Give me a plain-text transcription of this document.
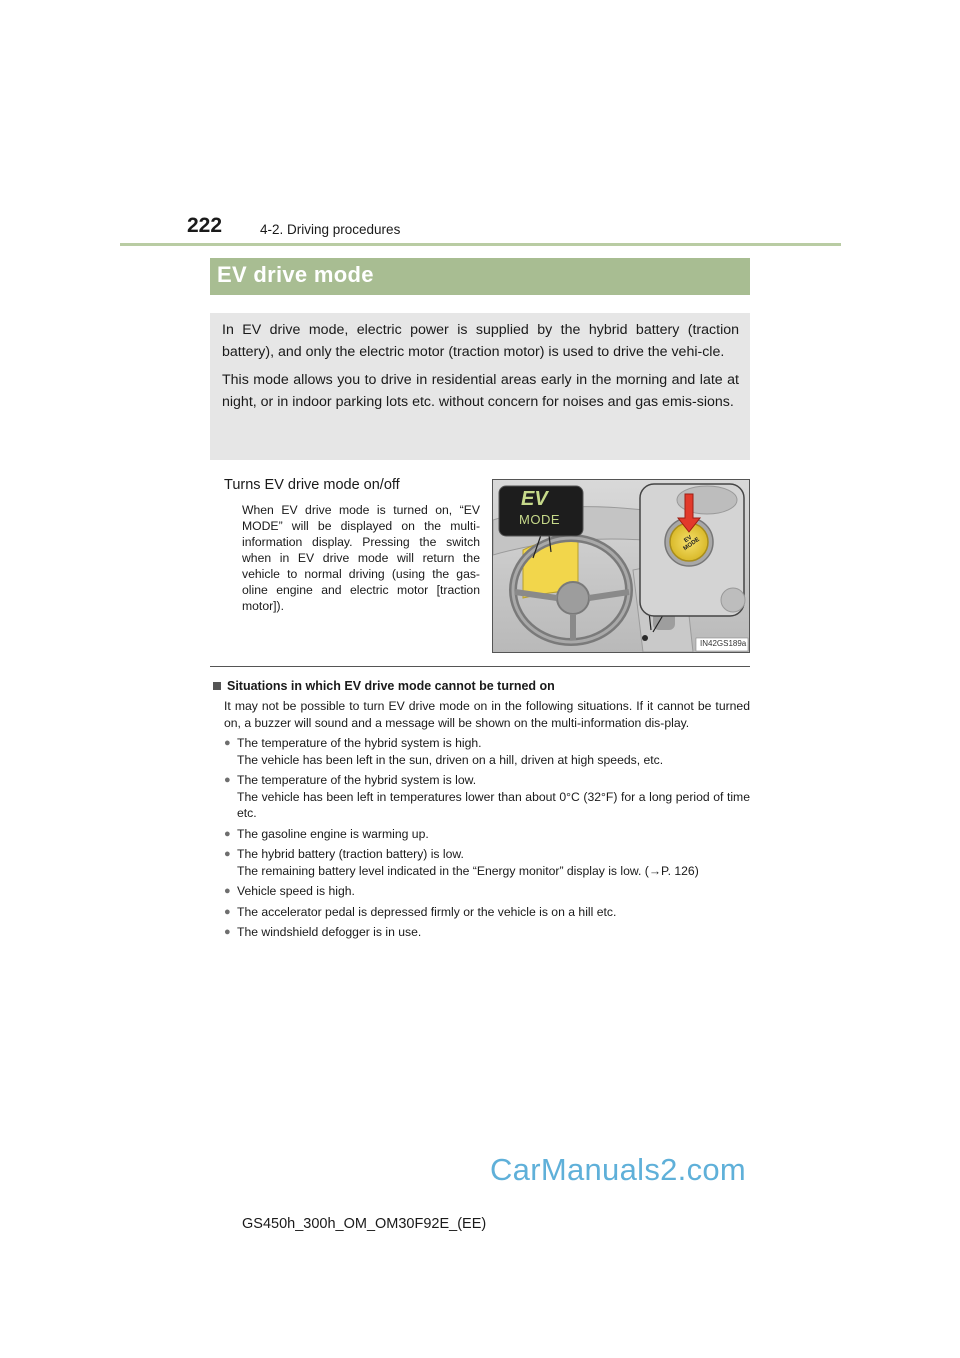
222	4-2. Driving procedures
EV drive mode

In EV drive mode, electric power is supplied by the hybrid battery (traction battery), and only the electric motor (traction motor) is used to drive the vehi-cle.

This mode allows you to drive in residential areas early in the morning and late at night, or in indoor parking lots etc. without concern for noises and gas emis-sions.

Turns EV drive mode on/off
When EV drive mode is turned on, “EV MODE” will be displayed on the multi-information display. Pressing the switch when in EV drive mode will return the vehicle to normal driving (using the gas-oline engine and electric motor [traction motor]).
EV
MODE
EV MODE
IN42GS189a
Situations in which EV drive mode cannot be turned on
It may not be possible to turn EV drive mode on in the following situations. If it cannot be turned on, a buzzer will sound and a message will be shown on the multi-information dis-play.
● The temperature of the hybrid system is high.
The vehicle has been left in the sun, driven on a hill, driven at high speeds, etc.
● The temperature of the hybrid system is low.
The vehicle has been left in temperatures lower than about 0°C (32°F) for a long period of time etc.
● The gasoline engine is warming up.
● The hybrid battery (traction battery) is low.
The remaining battery level indicated in the “Energy monitor” display is low. (→P. 126)
● Vehicle speed is high.
● The accelerator pedal is depressed firmly or the vehicle is on a hill etc.
● The windshield defogger is in use.
CarManuals2.com
GS450h_300h_OM_OM30F92E_(EE)
